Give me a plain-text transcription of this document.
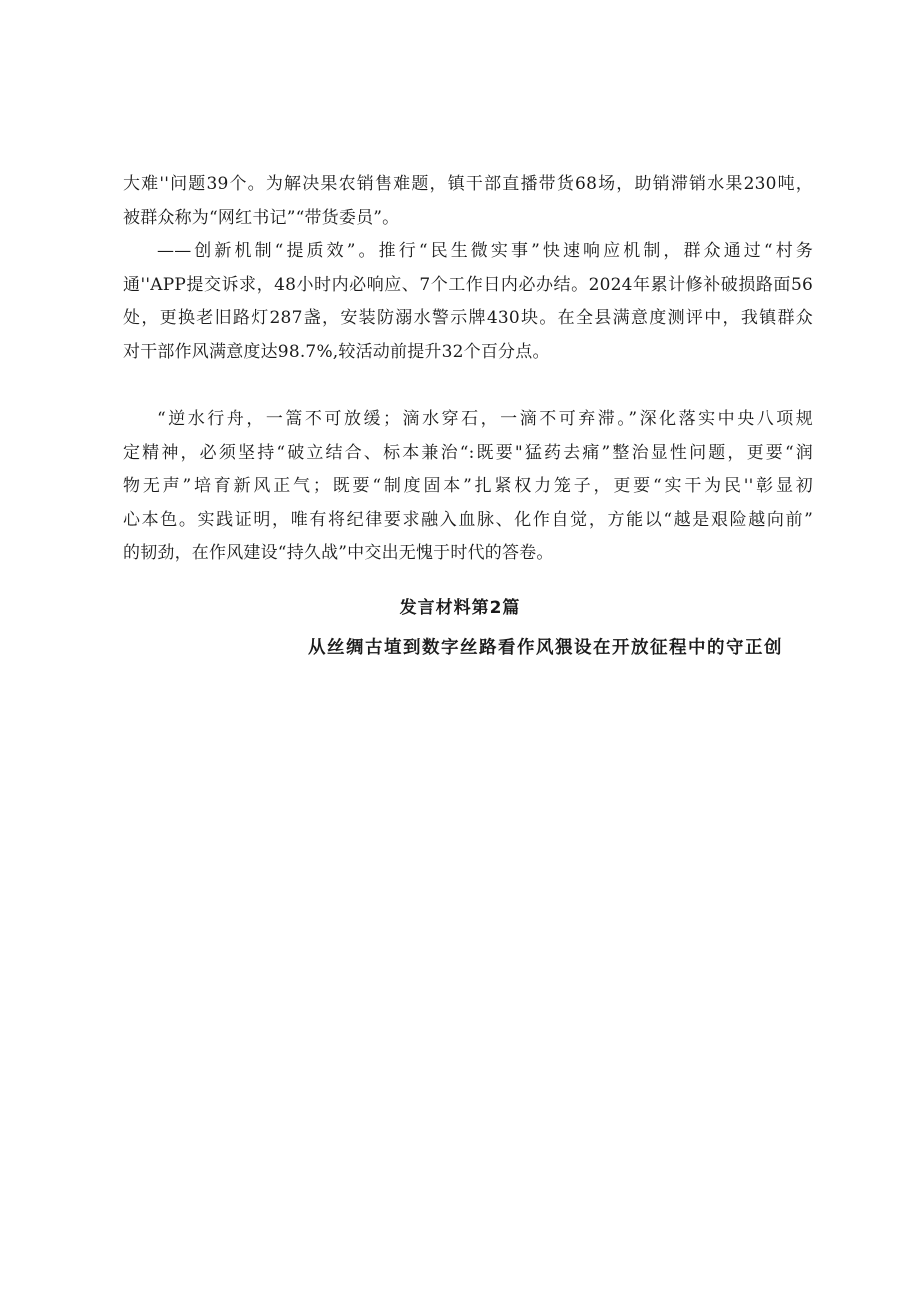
大难''问题39个。为解决果农销售难题，镇干部直播带货68场，助销滞销水果230吨，
被群众称为“网红书记”“带货委员”。
——创新机制“提质效”。推行“民生微实事”快速响应机制，群众通过“村务
通''APP提交诉求，48小时内必响应、7个工作日内必办结。2024年累计修补破损路面56
处，更换老旧路灯287盏，安装防溺水警示牌430块。在全县满意度测评中，我镇群众
对干部作风满意度达98.7%,较活动前提升32个百分点。
“逆水行舟，一篙不可放缓；滴水穿石，一滴不可弃滞。”深化落实中央八项规
定精神，必须坚持“破立结合、标本兼治“:既要"猛药去痛”整治显性问题，更要“润
物无声”培育新风正气；既要“制度固本”扎紧权力笼子，更要“实干为民''彰显初
心本色。实践证明，唯有将纪律要求融入血脉、化作自觉，方能以“越是艰险越向前”
的韧劲，在作风建设“持久战”中交出无愧于时代的答卷。
发言材料第2篇
从丝绸古埴到数字丝路看作风猥设在开放征程中的守正创
